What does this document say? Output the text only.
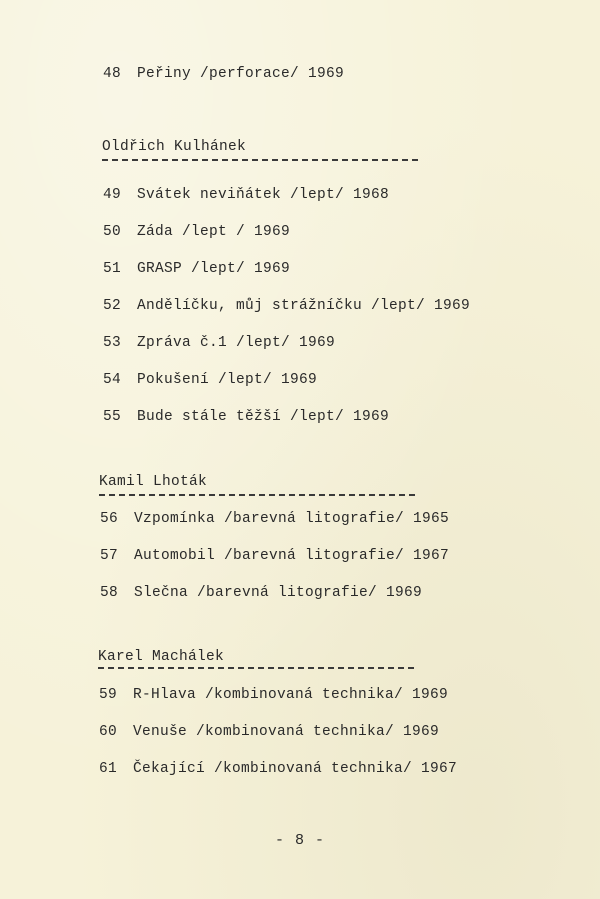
48 Peřiny /perforace/ 1969
Oldřich Kulhánek
49 Svátek neviňátek /lept/ 1968
50 Záda /lept / 1969
51 GRASP /lept/ 1969
52 Andělíčku, můj strážníčku /lept/ 1969
53 Zpráva č.1 /lept/ 1969
54 Pokušení /lept/ 1969
55 Bude stále těžší /lept/ 1969
Kamil Lhoták
56 Vzpomínka /barevná litografie/ 1965
57 Automobil /barevná litografie/ 1967
58 Slečna /barevná litografie/ 1969
Karel Machálek
59 R-Hlava /kombinovaná technika/ 1969
60 Venuše /kombinovaná technika/ 1969
61 Čekající /kombinovaná technika/ 1967
- 8 -
